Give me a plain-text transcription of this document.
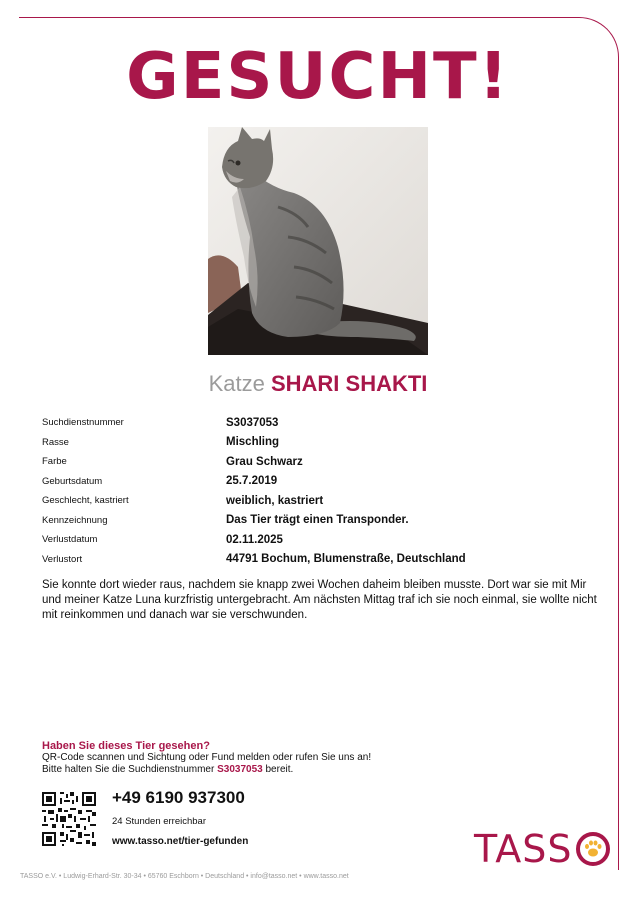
GESUCHT!
Katze SHARI SHAKTI
Suchdienstnummer	S3037053
Rasse	Mischling
Farbe	Grau Schwarz
Geburtsdatum	25.7.2019
Geschlecht, kastriert	weiblich, kastriert
Kennzeichnung	Das Tier trägt einen Transponder.
Verlustdatum	02.11.2025
Verlustort	44791 Bochum, Blumenstraße, Deutschland

Sie konnte dort wieder raus, nachdem sie knapp zwei Wochen daheim bleiben musste. Dort war sie mit Mir und meiner Katze Luna kurzfristig untergebracht. Am nächsten Mittag traf ich sie noch einmal, sie wollte nicht mit reinkommen und danach war sie verschwunden.

Haben Sie dieses Tier gesehen?
QR-Code scannen und Sichtung oder Fund melden oder rufen Sie uns an!
Bitte halten Sie die Suchdienstnummer S3037053 bereit.
+49 6190 937300
24 Stunden erreichbar
www.tasso.net/tier-gefunden	TASS
TASSO e.V. • Ludwig-Erhard-Str. 30-34 • 65760 Eschborn • Deutschland • info@tasso.net • www.tasso.net
